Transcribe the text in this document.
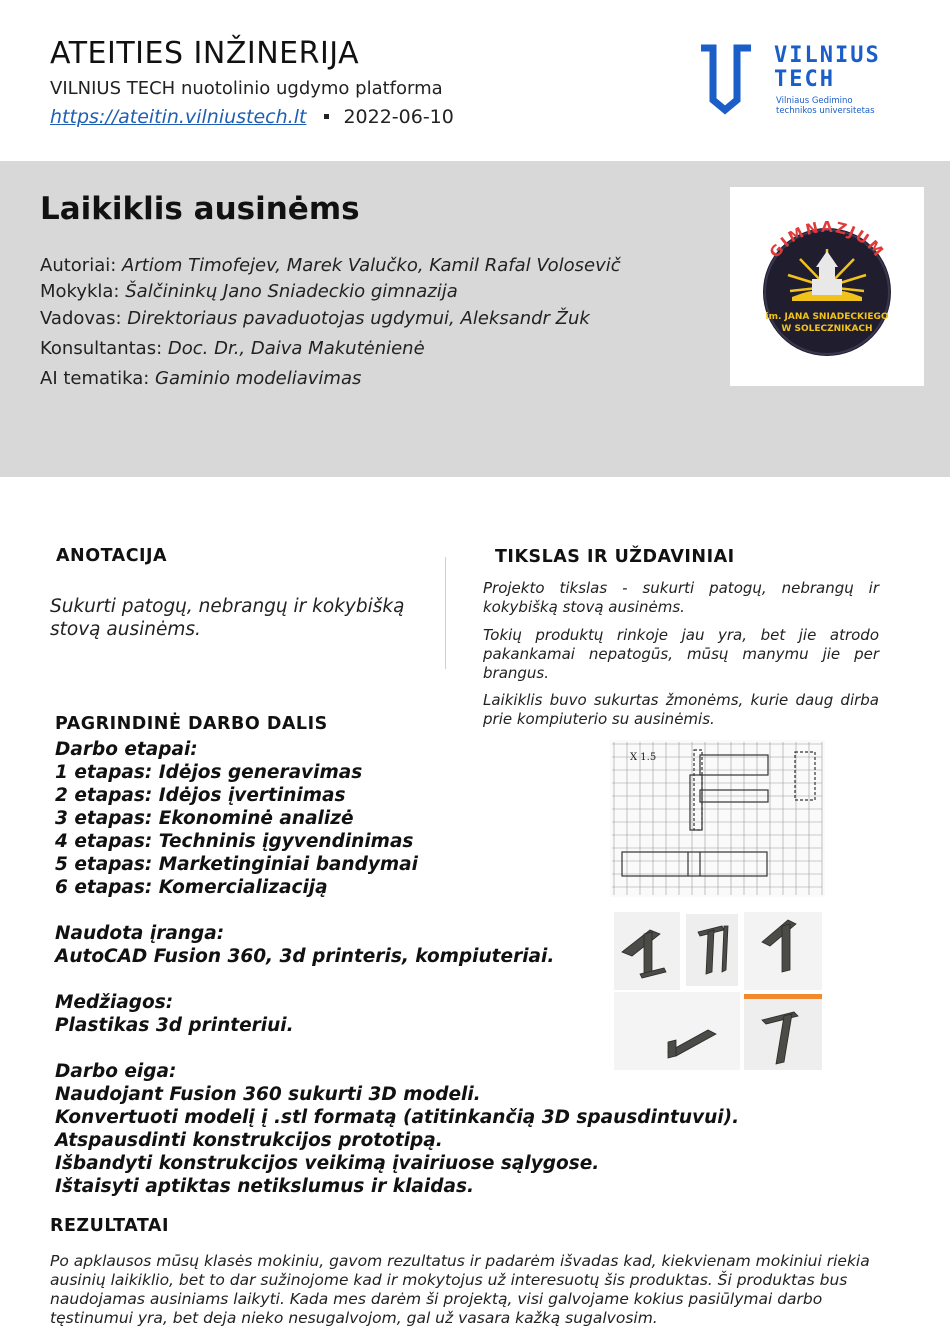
ATEITIES INŽINERIJA
VILNIUS TECH nuotolinio ugdymo platforma
https://ateitin.vilniustech.lt 2022-06-10
VILNIUS
TECH
Vilniaus Gedimino
technikos universitetas
Laikiklis ausinėms
Autoriai: Artiom Timofejev, Marek Valučko, Kamil Rafal Volosevič
Mokykla: Šalčininkų Jano Sniadeckio gimnazija
Vadovas: Direktoriaus pavaduotojas ugdymui, Aleksandr Žuk
Konsultantas: Doc. Dr., Daiva Makutėnienė
AI tematika: Gaminio modeliavimas
GIMNAZJUM
im. JANA SNIADECKIEGO
W SOLECZNIKACH
ANOTACIJA
Sukurti patogų, nebrangų ir kokybišką stovą ausinėms.
TIKSLAS IR UŽDAVINIAI
Projekto tikslas - sukurti patogų, nebrangų ir kokybišką stovą ausinėms.
Tokių produktų rinkoje jau yra, bet jie atrodo pakankamai nepatogūs, mūsų manymu jie per brangus.
Laikiklis buvo sukurtas žmonėms, kurie daug dirba prie kompiuterio su ausinėmis.
PAGRINDINĖ DARBO DALIS
Darbo etapai:
1 etapas: Idėjos generavimas
2 etapas: Idėjos įvertinimas
3 etapas: Ekonominė analizė
4 etapas: Techninis įgyvendinimas
5 etapas: Marketinginiai bandymai
6 etapas: Komercializaciją
Naudota įranga:
AutoCAD Fusion 360, 3d printeris, kompiuteriai.
Medžiagos:
Plastikas 3d printeriui.
Darbo eiga:
Naudojant Fusion 360 sukurti 3D modeli.
Konvertuoti modelį į .stl formatą (atitinkančią 3D spausdintuvui).
Atspausdinti konstrukcijos prototipą.
Išbandyti konstrukcijos veikimą įvairiuose sąlygose.
Ištaisyti aptiktas netikslumus ir klaidas.
X 1.5
REZULTATAI
Po apklausos mūsų klasės mokiniu, gavom rezultatus ir padarėm išvadas kad, kiekvienam mokiniui riekia ausinių laikiklio, bet to dar sužinojome kad ir mokytojus už interesuotų šis produktas. Ši produktas bus naudojamas ausiniams laikyti. Kada mes darėm ši projektą, visi galvojame kokius pasiūlymai darbo tęstinumui yra, bet deja nieko nesugalvojom, gal už vasara kažką sugalvosim.
